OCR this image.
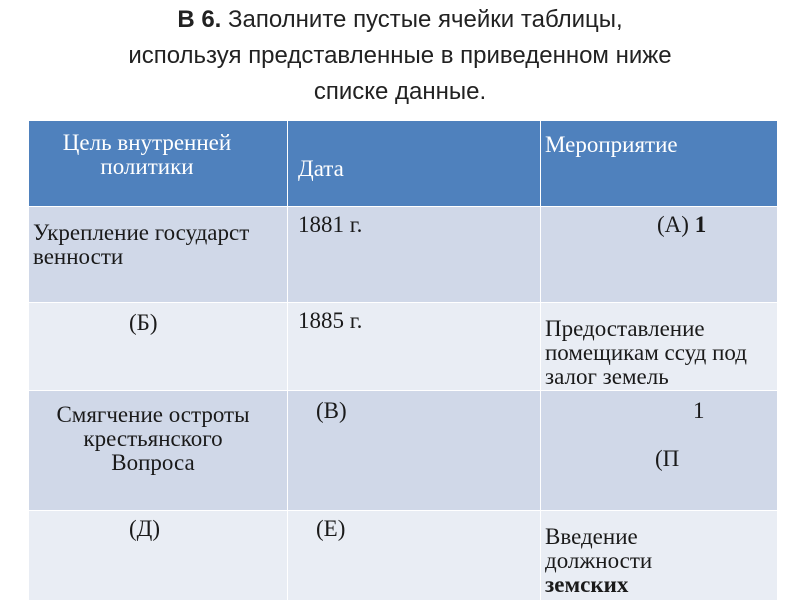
В 6. Заполните пустые ячейки таблицы,
используя представленные в приведенном ниже
списке данные.
Цель внутренней политики	Дата	Мероприятие

Укрепление государственности	1881 г.	(А) 1

(Б)	1885 г.	Предоставление помещикам ссуд под залог земель

Смягчение остроты крестьянского Вопроса	(В)	1
(П

(Д)	(Е)	Введение должности
земских
